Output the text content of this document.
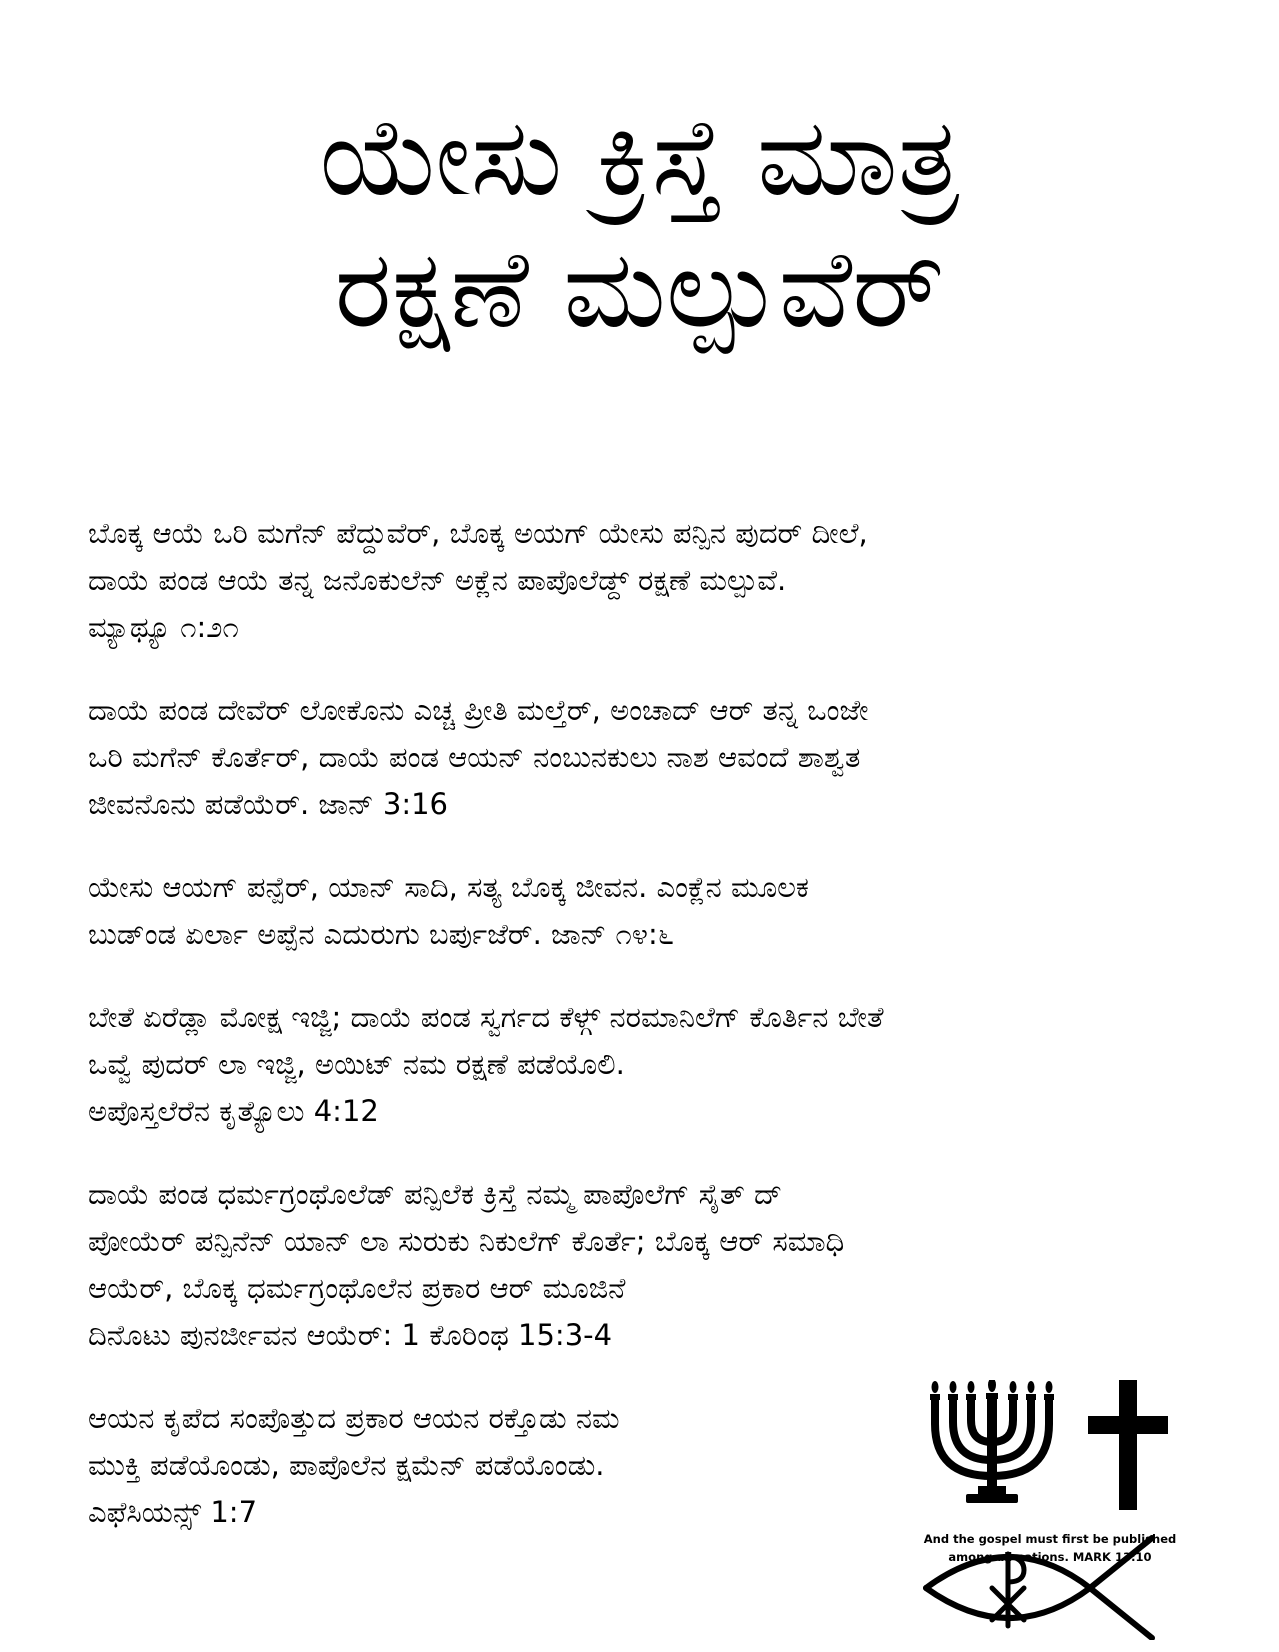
ಯೇಸು ಕ್ರಿಸ್ತೆ ಮಾತ್ರ
ರಕ್ಷಣೆ ಮಲ್ಪುವೆರ್

ಬೊಕ್ಕ ಆಯೆ ಒರಿ ಮಗೆನ್ ಪೆದ್ದುವೆರ್, ಬೊಕ್ಕ ಅಯಗ್ ಯೇಸು ಪನ್ಪಿನ ಪುದರ್ ದೀಲೆ,
ದಾಯೆ ಪಂಡ ಆಯೆ ತನ್ನ ಜನೊಕುಲೆನ್ ಅಕ್ಲೆನ ಪಾಪೊಲೆಡ್ದ್ ರಕ್ಷಣೆ ಮಲ್ಪುವೆ.
ಮ್ಯಾಥ್ಯೂ ೧:೨೧

ದಾಯೆ ಪಂಡ ದೇವೆರ್ ಲೋಕೊನು ಎಚ್ಚ ಪ್ರೀತಿ ಮಲ್ತೆರ್, ಅಂಚಾದ್ ಆರ್ ತನ್ನ ಒಂಜೇ
ಒರಿ ಮಗೆನ್ ಕೊರ್ತೆರ್, ದಾಯೆ ಪಂಡ ಆಯನ್ ನಂಬುನಕುಲು ನಾಶ ಆವಂದೆ ಶಾಶ್ವತ
ಜೀವನೊನು ಪಡೆಯೆರ್. ಜಾನ್ 3:16

ಯೇಸು ಆಯಗ್ ಪನ್ಪೆರ್, ಯಾನ್ ಸಾದಿ, ಸತ್ಯ ಬೊಕ್ಕ ಜೀವನ. ಎಂಕ್ಲೆನ ಮೂಲಕ
ಬುಡ್‍ಂಡ ಏರ್ಲಾ ಅಪ್ಪೆನ ಎದುರುಗು ಬರ್ಪುಜೆರ್. ಜಾನ್ ೧೪:೬

ಬೇತೆ ಏರೆಡ್ಲಾ ಮೋಕ್ಷ ಇಜ್ಜಿ; ದಾಯೆ ಪಂಡ ಸ್ವರ್ಗದ ಕೆಳ್ಗ್ ನರಮಾನಿಲೆಗ್ ಕೊರ್ತಿನ ಬೇತೆ
ಒವ್ವೆ ಪುದರ್ ಲಾ ಇಜ್ಜಿ, ಅಯಿಟ್ ನಮ ರಕ್ಷಣೆ ಪಡೆಯೊಲಿ.
ಅಪೊಸ್ತಲೆರೆನ ಕೃತ್ಯೊಲು 4:12

ದಾಯೆ ಪಂಡ ಧರ್ಮಗ್ರಂಥೊಲೆಡ್ ಪನ್ಪಿಲೆಕ ಕ್ರಿಸ್ತೆ ನಮ್ಮ ಪಾಪೊಲೆಗ್ ಸೈತ್ ದ್
ಪೋಯೆರ್ ಪನ್ಪಿನೆನ್ ಯಾನ್ ಲಾ ಸುರುಕು ನಿಕುಲೆಗ್ ಕೊರ್ತೆ; ಬೊಕ್ಕ ಆರ್ ಸಮಾಧಿ
ಆಯೆರ್, ಬೊಕ್ಕ ಧರ್ಮಗ್ರಂಥೊಲೆನ ಪ್ರಕಾರ ಆರ್ ಮೂಜಿನೆ
ದಿನೊಟು ಪುನರ್ಜೀವನ ಆಯೆರ್: 1 ಕೊರಿಂಥ 15:3-4

ಆಯನ ಕೃಪೆದ ಸಂಪೊತ್ತುದ ಪ್ರಕಾರ ಆಯನ ರಕ್ತೊಡು ನಮ
ಮುಕ್ತಿ ಪಡೆಯೊಂಡು, ಪಾಪೊಲೆನ ಕ್ಷಮೆನ್ ಪಡೆಯೊಂಡು.
ಎಫೆಸಿಯನ್ಸ್ 1:7

And the gospel must first be published
among all nations. MARK 13:10
